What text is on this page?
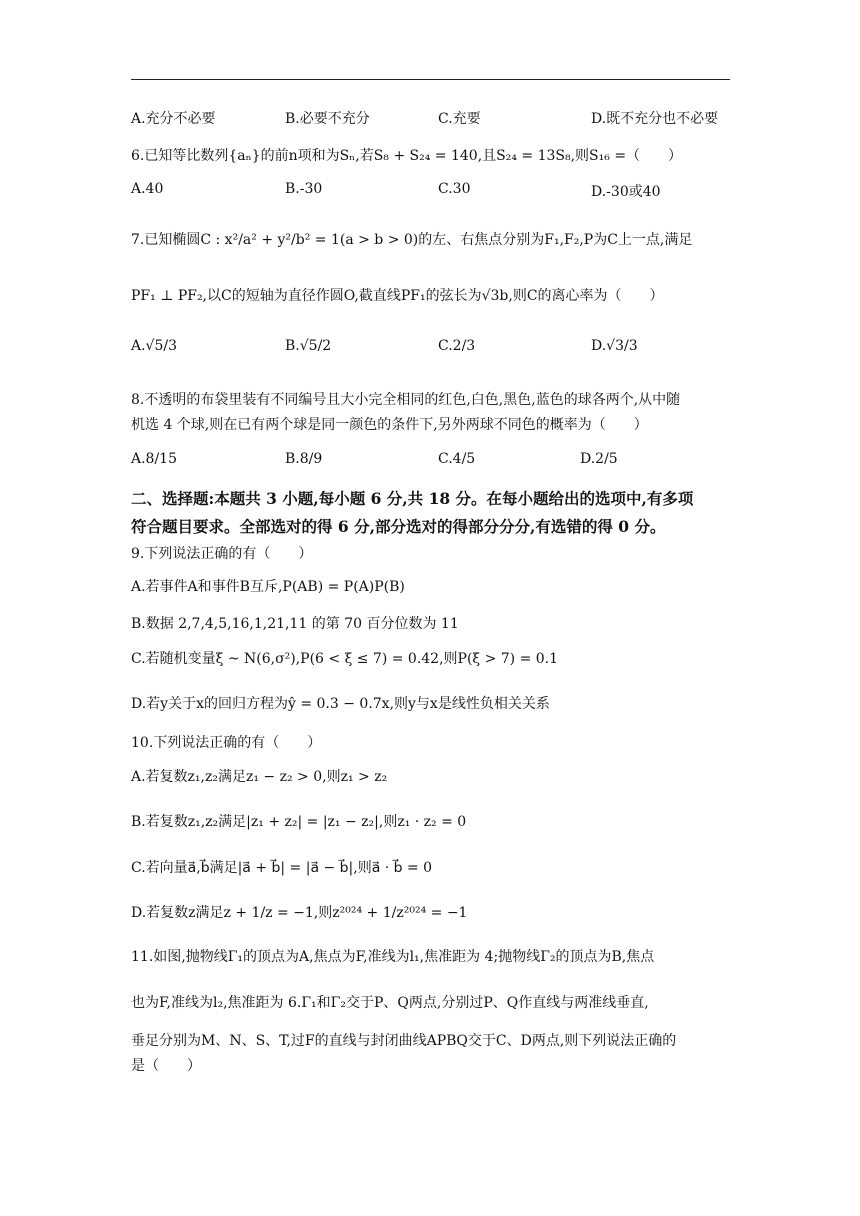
A.充分不必要	B.必要不充分	C.充要	D.既不充分也不必要
6.已知等比数列{aₙ}的前n项和为Sₙ,若S₈ + S₂₄ = 140,且S₂₄ = 13S₈,则S₁₆ =（　　）
A.40	B.-30	C.30	D.-30或40
7.已知椭圆C : x²/a² + y²/b² = 1(a > b > 0)的左、右焦点分别为F₁,F₂,P为C上一点,满足
PF₁ ⊥ PF₂,以C的短轴为直径作圆O,截直线PF₁的弦长为√3b,则C的离心率为（　　）
A.√5/3	B.√5/2	C.2/3	D.√3/3
8.不透明的布袋里装有不同编号且大小完全相同的红色,白色,黑色,蓝色的球各两个,从中随
机选 4 个球,则在已有两个球是同一颜色的条件下,另外两球不同色的概率为（　　）
A.8/15	B.8/9	C.4/5	D.2/5
二、选择题:本题共 3 小题,每小题 6 分,共 18 分。在每小题给出的选项中,有多项
符合题目要求。全部选对的得 6 分,部分选对的得部分分分,有选错的得 0 分。
9.下列说法正确的有（　　）
A.若事件A和事件B互斥,P(AB) = P(A)P(B)
B.数据 2,7,4,5,16,1,21,11 的第 70 百分位数为 11
C.若随机变量ξ ~ N(6,σ²),P(6 < ξ ≤ 7) = 0.42,则P(ξ > 7) = 0.1
D.若y关于x的回归方程为ŷ = 0.3 − 0.7x,则y与x是线性负相关关系
10.下列说法正确的有（　　）
A.若复数z₁,z₂满足z₁ − z₂ > 0,则z₁ > z₂
B.若复数z₁,z₂满足|z₁ + z₂| = |z₁ − z₂|,则z₁ · z₂ = 0
C.若向量a⃗,b⃗满足|a⃗ + b⃗| = |a⃗ − b⃗|,则a⃗ · b⃗ = 0
D.若复数z满足z + 1/z = −1,则z²⁰²⁴ + 1/z²⁰²⁴ = −1
11.如图,抛物线Γ₁的顶点为A,焦点为F,准线为l₁,焦准距为 4;抛物线Γ₂的顶点为B,焦点
也为F,准线为l₂,焦准距为 6.Γ₁和Γ₂交于P、Q两点,分别过P、Q作直线与两准线垂直,
垂足分别为M、N、S、T,过F的直线与封闭曲线APBQ交于C、D两点,则下列说法正确的
是（　　）
